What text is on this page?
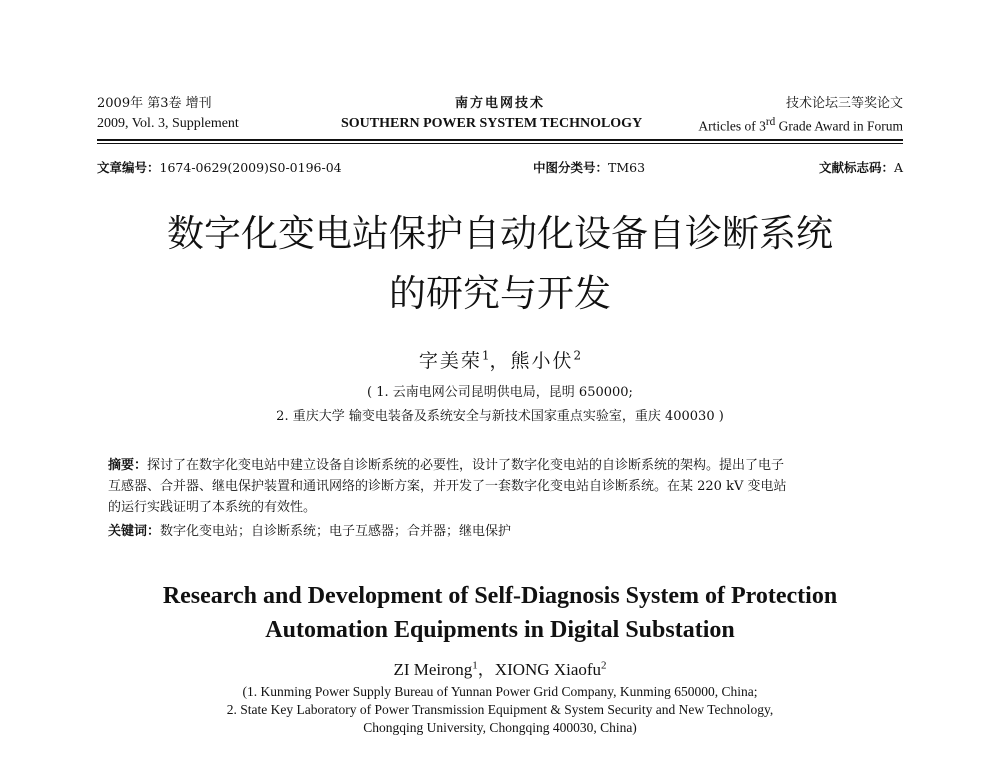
2009年 第3卷 增刊	南方电网技术	技术论坛三等奖论文
2009, Vol. 3, Supplement	SOUTHERN POWER SYSTEM TECHNOLOGY	Articles of 3rd Grade Award in Forum
文章编号：1674-0629(2009)S0-0196-04	中图分类号：TM63	文献标志码：A
数字化变电站保护自动化设备自诊断系统
的研究与开发
字美荣$^1$，熊小伏$^2$
( 1. 云南电网公司昆明供电局，昆明 650000;
2. 重庆大学 输变电装备及系统安全与新技术国家重点实验室，重庆 400030 )
摘要：探讨了在数字化变电站中建立设备自诊断系统的必要性，设计了数字化变电站的自诊断系统的架构。提出了电子
互感器、合并器、继电保护装置和通讯网络的诊断方案，并开发了一套数字化变电站自诊断系统。在某 220 kV 变电站
的运行实践证明了本系统的有效性。
关键词：数字化变电站；自诊断系统；电子互感器；合并器；继电保护
Research and Development of Self-Diagnosis System of Protection
Automation Equipments in Digital Substation
ZI Meirong$^1$，XIONG Xiaofu$^2$
(1. Kunming Power Supply Bureau of Yunnan Power Grid Company, Kunming 650000, China;
2. State Key Laboratory of Power Transmission Equipment & System Security and New Technology,
Chongqing University, Chongqing 400030, China)
